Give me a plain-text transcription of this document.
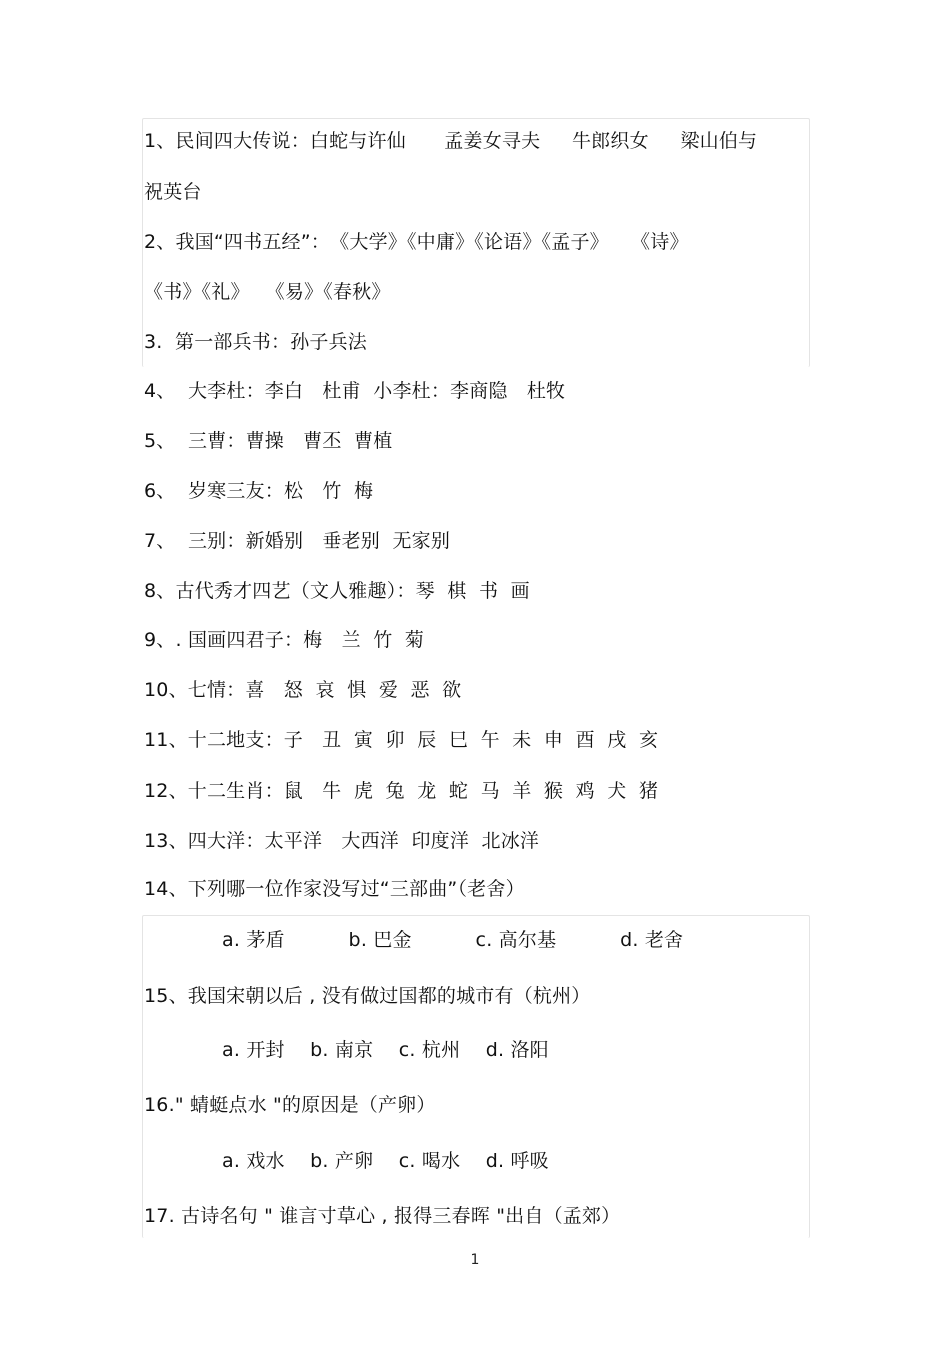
1、民间四大传说：白蛇与许仙　　孟姜女寻夫　  牛郎织女　  梁山伯与
祝英台
2、我国“四书五经”：　《大学》《中庸》《论语》《孟子》　  《诗》
《书》《礼》　 《易》《春秋》
3.  第一部兵书：孙子兵法
4、  大李杜：李白　杜甫  小李杜：李商隐　杜牧
5、  三曹：曹操　曹丕  曹植
6、  岁寒三友：松　竹  梅
7、  三别：新婚别　垂老别  无家别
8、古代秀才四艺（文人雅趣）：琴  棋  书  画
9、. 国画四君子：梅　兰  竹  菊
10、七情：喜　怒  哀  惧  爱  恶  欲
11、十二地支：子　丑  寅  卯  辰  巳  午  未  申  酉  戌  亥
12、十二生肖：鼠　牛  虎  兔  龙  蛇  马  羊  猴  鸡  犬  猪
13、四大洋：太平洋　大西洋  印度洋  北冰洋
14、下列哪一位作家没写过“三部曲”（老舍）
a. 茅盾　　　 b. 巴金　　　 c. 高尔基　　　 d. 老舍
15、我国宋朝以后 , 没有做过国都的城市有（杭州）
a. 开封　 b. 南京　 c. 杭州　 d. 洛阳
16." 蜻蜓点水 "的原因是（产卵）
a. 戏水　 b. 产卵　 c. 喝水　 d. 呼吸
17. 古诗名句 " 谁言寸草心 , 报得三春晖 "出自（孟郊）
1
